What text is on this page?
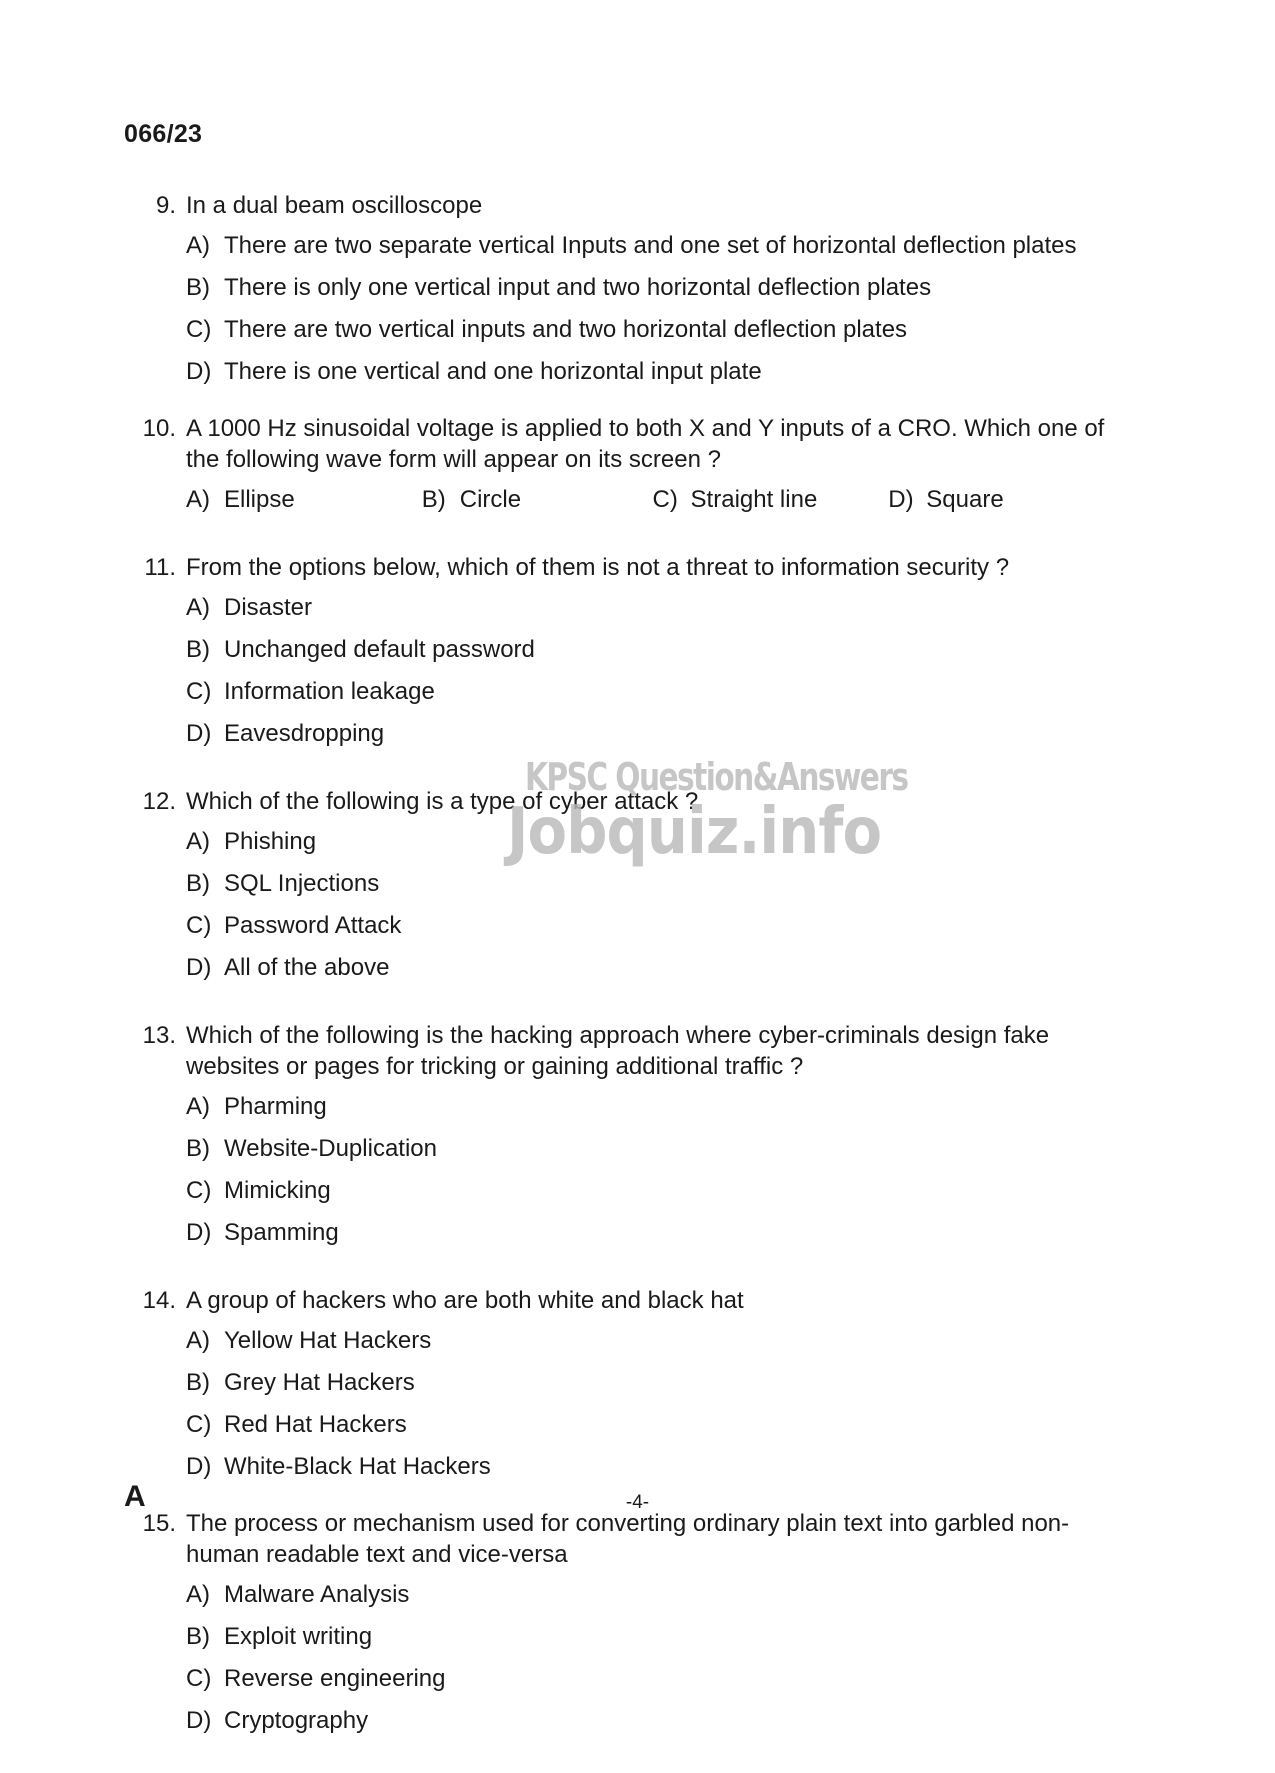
066/23
9. In a dual beam oscilloscope
A) There are two separate vertical Inputs and one set of horizontal deflection plates
B) There is only one vertical input and two horizontal deflection plates
C) There are two vertical inputs and two horizontal deflection plates
D) There is one vertical and one horizontal input plate
10. A 1000 Hz sinusoidal voltage is applied to both X and Y inputs of a CRO. Which one of the following wave form will appear on its screen ?
A) Ellipse	B) Circle	C) Straight line	D) Square
11. From the options below, which of them is not a threat to information security ?
A) Disaster
B) Unchanged default password
C) Information leakage
D) Eavesdropping
12. Which of the following is a type of cyber attack ?
A) Phishing
B) SQL Injections
C) Password Attack
D) All of the above
13. Which of the following is the hacking approach where cyber-criminals design fake websites or pages for tricking or gaining additional traffic ?
A) Pharming
B) Website-Duplication
C) Mimicking
D) Spamming
14. A group of hackers who are both white and black hat
A) Yellow Hat Hackers
B) Grey Hat Hackers
C) Red Hat Hackers
D) White-Black Hat Hackers
15. The process or mechanism used for converting ordinary plain text into garbled non-human readable text and vice-versa
A) Malware Analysis
B) Exploit writing
C) Reverse engineering
D) Cryptography
KPSC Question&Answers
Jobquiz.info
A	-4-
